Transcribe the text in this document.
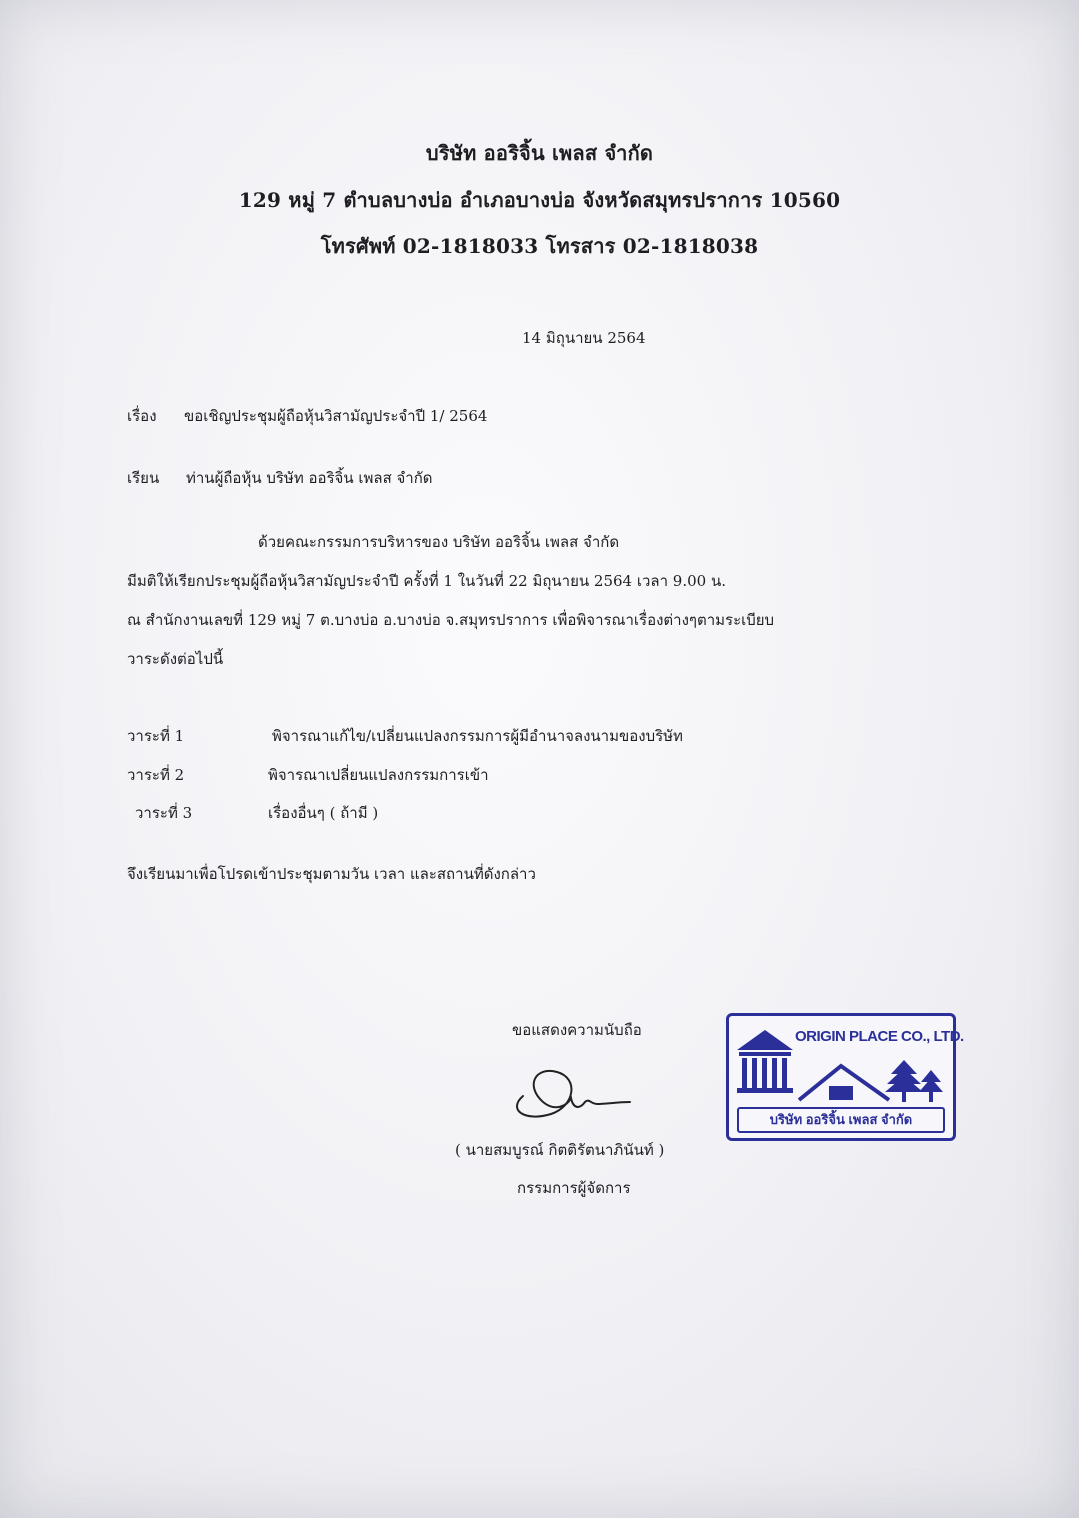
บริษัท ออริจิ้น เพลส จำกัด
129 หมู่ 7 ตำบลบางบ่อ อำเภอบางบ่อ จังหวัดสมุทรปราการ 10560
โทรศัพท์ 02-1818033 โทรสาร 02-1818038
14 มิถุนายน 2564
เรื่อง ขอเชิญประชุมผู้ถือหุ้นวิสามัญประจำปี 1/ 2564
เรียน ท่านผู้ถือหุ้น บริษัท ออริจิ้น เพลส จำกัด
ด้วยคณะกรรมการบริหารของ บริษัท ออริจิ้น เพลส จำกัด
มีมติให้เรียกประชุมผู้ถือหุ้นวิสามัญประจำปี ครั้งที่ 1 ในวันที่ 22 มิถุนายน 2564 เวลา 9.00 น.
ณ สำนักงานเลขที่ 129 หมู่ 7 ต.บางบ่อ อ.บางบ่อ จ.สมุทรปราการ เพื่อพิจารณาเรื่องต่างๆตามระเบียบ
วาระดังต่อไปนี้
วาระที่ 1	พิจารณาแก้ไข/เปลี่ยนแปลงกรรมการผู้มีอำนาจลงนามของบริษัท
วาระที่ 2	พิจารณาเปลี่ยนแปลงกรรมการเข้า
วาระที่ 3	เรื่องอื่นๆ ( ถ้ามี )
จึงเรียนมาเพื่อโปรดเข้าประชุมตามวัน เวลา และสถานที่ดังกล่าว
ขอแสดงความนับถือ
( นายสมบูรณ์ กิตติรัตนาภินันท์ )
กรรมการผู้จัดการ
ORIGIN PLACE CO., LTD.
บริษัท ออริจิ้น เพลส จำกัด
